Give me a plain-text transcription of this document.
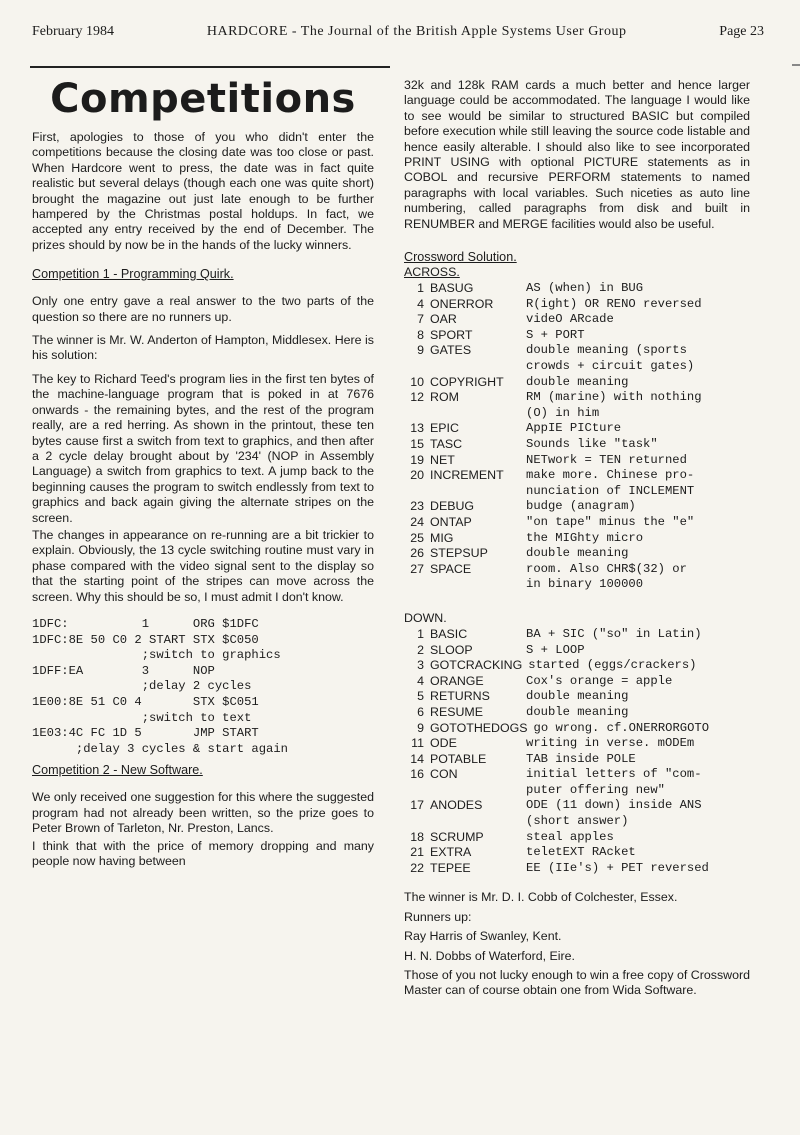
February 1984	HARDCORE - The Journal of the British Apple Systems User Group	Page 23
Competitions

First, apologies to those of you who didn't enter the competitions because the closing date was too close or past. When Hardcore went to press, the date was in fact quite realistic but several delays (though each one was quite short) brought the magazine out just late enough to be further hampered by the Christmas postal holdups. In fact, we accepted any entry received by the end of December. The prizes should by now be in the hands of the lucky winners.

Competition 1 - Programming Quirk.

Only one entry gave a real answer to the two parts of the question so there are no runners up.

The winner is Mr. W. Anderton of Hampton, Middlesex. Here is his solution:

The key to Richard Teed's program lies in the first ten bytes of the machine-language program that is poked in at 7676 onwards - the remaining bytes, and the rest of the program really, are a red herring. As shown in the printout, these ten bytes cause first a switch from text to graphics, and then after a 2 cycle delay brought about by '234' (NOP in Assembly Language) a switch from graphics to text. A jump back to the beginning causes the program to switch endlessly from text to graphics and back again giving the alternate stripes on the screen.

The changes in appearance on re-running are a bit trickier to explain. Obviously, the 13 cycle switching routine must vary in phase compared with the video signal sent to the display so that the starting point of the stripes can move across the screen. Why this should be so, I must admit I don't know.

1DFC:          1      ORG $1DFC
1DFC:8E 50 C0 2 START STX $C050
;switch to graphics
1DFF:EA        3      NOP
;delay 2 cycles
1E00:8E 51 C0 4       STX $C051
;switch to text
1E03:4C FC 1D 5       JMP START
;delay 3 cycles & start again
Competition 2 - New Software.

We only received one suggestion for this where the suggested program had not already been written, so the prize goes to Peter Brown of Tarleton, Nr. Preston, Lancs.

I think that with the price of memory dropping and many people now having between

32k and 128k RAM cards a much better and hence larger language could be accommodated. The language I would like to see would be similar to structured BASIC but compiled before execution while still leaving the source code listable and hence easily alterable. I should also like to see incorporated PRINT USING with optional PICTURE statements as in COBOL and recursive PERFORM statements to named paragraphs with local variables. Such niceties as auto line numbering, called paragraphs from disk and built in RENUMBER and MERGE facilities would also be useful.

Crossword Solution.
ACROSS.
1 BASUG	AS (when) in BUG
4 ONERROR	R(ight) OR RENO reversed
7 OAR	videO ARcade
8 SPORT	S + PORT
9 GATES	double meaning (sports
crowds + circuit gates)
10 COPYRIGHT	double meaning
12 ROM	RM (marine) with nothing
(O) in him
13 EPIC	AppIE PICture
15 TASC	Sounds like "task"
19 NET	NETwork = TEN returned
20 INCREMENT	make more. Chinese pro-
nunciation of INCLEMENT
23 DEBUG	budge (anagram)
24 ONTAP	"on tape" minus the "e"
25 MIG	the MIGhty micro
26 STEPSUP	double meaning
27 SPACE	room. Also CHR$(32) or
in binary 100000
DOWN.
1 BASIC	BA + SIC ("so" in Latin)
2 SLOOP	S + LOOP
3 GOTCRACKING started (eggs/crackers)
4 ORANGE	Cox's orange = apple
5 RETURNS	double meaning
6 RESUME	double meaning
9 GOTOTHEDOGS go wrong. cf.ONERRORGOTO
11 ODE	writing in verse. mODEm
14 POTABLE	TAB inside POLE
16 CON	initial letters of "com-
puter offering new"
17 ANODES	ODE (11 down) inside ANS
(short answer)
18 SCRUMP	steal apples
21 EXTRA	teletEXT RAcket
22 TEPEE	EE (IIe's) + PET reversed

The winner is Mr. D. I. Cobb of Colchester, Essex.

Runners up:

Ray Harris of Swanley, Kent.

H. N. Dobbs of Waterford, Eire.

Those of you not lucky enough to win a free copy of Crossword Master can of course obtain one from Wida Software.
